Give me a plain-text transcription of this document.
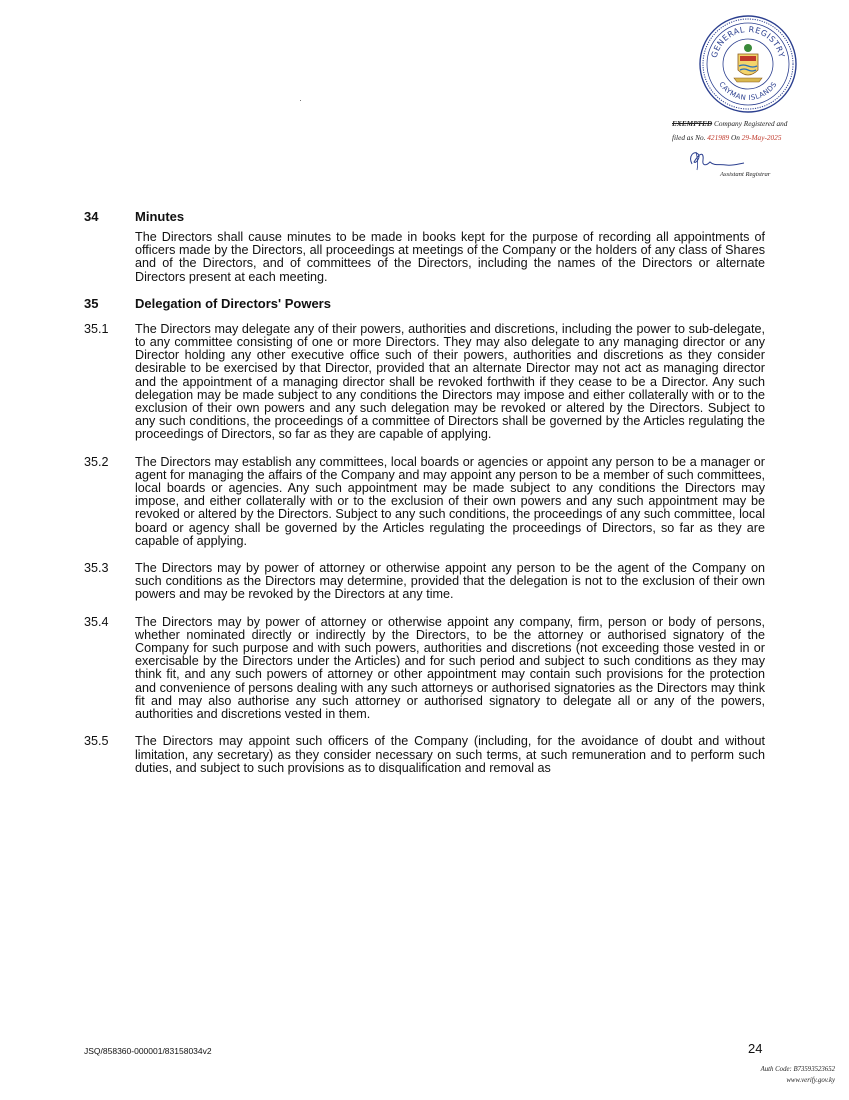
GENERAL REGISTRY
CAYMAN ISLANDS
EXEMPTED Company Registered and
filed as No. 421989 On 29-May-2025
Assistant Registrar
34	Minutes

The Directors shall cause minutes to be made in books kept for the purpose of recording all appointments of officers made by the Directors, all proceedings at meetings of the Company or the holders of any class of Shares and of the Directors, and of committees of the Directors, including the names of the Directors or alternate Directors present at each meeting.

35	Delegation of Directors' Powers
35.1 The Directors may delegate any of their powers, authorities and discretions, including the power to sub-delegate, to any committee consisting of one or more Directors. They may also delegate to any managing director or any Director holding any other executive office such of their powers, authorities and discretions as they consider desirable to be exercised by that Director, provided that an alternate Director may not act as managing director and the appointment of a managing director shall be revoked forthwith if they cease to be a Director. Any such delegation may be made subject to any conditions the Directors may impose and either collaterally with or to the exclusion of their own powers and any such delegation may be revoked or altered by the Directors. Subject to any such conditions, the proceedings of a committee of Directors shall be governed by the Articles regulating the proceedings of Directors, so far as they are capable of applying.
35.2 The Directors may establish any committees, local boards or agencies or appoint any person to be a manager or agent for managing the affairs of the Company and may appoint any person to be a member of such committees, local boards or agencies. Any such appointment may be made subject to any conditions the Directors may impose, and either collaterally with or to the exclusion of their own powers and any such appointment may be revoked or altered by the Directors. Subject to any such conditions, the proceedings of any such committee, local board or agency shall be governed by the Articles regulating the proceedings of Directors, so far as they are capable of applying.
35.3 The Directors may by power of attorney or otherwise appoint any person to be the agent of the Company on such conditions as the Directors may determine, provided that the delegation is not to the exclusion of their own powers and may be revoked by the Directors at any time.
35.4 The Directors may by power of attorney or otherwise appoint any company, firm, person or body of persons, whether nominated directly or indirectly by the Directors, to be the attorney or authorised signatory of the Company for such purpose and with such powers, authorities and discretions (not exceeding those vested in or exercisable by the Directors under the Articles) and for such period and subject to such conditions as they may think fit, and any such powers of attorney or other appointment may contain such provisions for the protection and convenience of persons dealing with any such attorneys or authorised signatories as the Directors may think fit and may also authorise any such attorney or authorised signatory to delegate all or any of the powers, authorities and discretions vested in them.
35.5 The Directors may appoint such officers of the Company (including, for the avoidance of doubt and without limitation, any secretary) as they consider necessary on such terms, at such remuneration and to perform such duties, and subject to such provisions as to disqualification and removal as
JSQ/858360-000001/83158034v2	24
Auth Code: B73593523652
www.verify.gov.ky
